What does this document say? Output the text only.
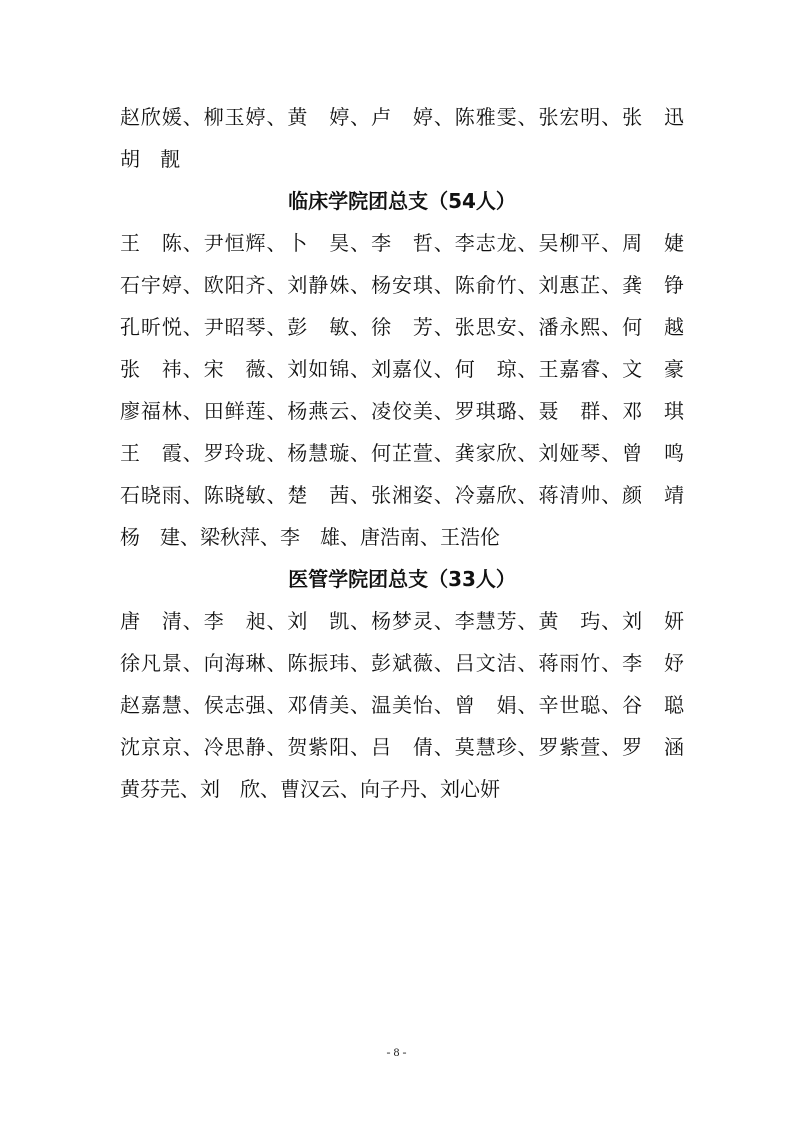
赵欣媛、柳玉婷、黄　婷、卢　婷、陈雅雯、张宏明、张　迅
胡　靓
临床学院团总支（54人）
王　陈、尹恒辉、卜　昊、李　哲、李志龙、吴柳平、周　婕
石宇婷、欧阳齐、刘静姝、杨安琪、陈俞竹、刘惠芷、龚　铮
孔昕悦、尹昭琴、彭　敏、徐　芳、张思安、潘永熙、何　越
张　祎、宋　薇、刘如锦、刘嘉仪、何　琼、王嘉睿、文　豪
廖福林、田鲜莲、杨燕云、凌佼美、罗琪璐、聂　群、邓　琪
王　霞、罗玲珑、杨慧璇、何芷萱、龚家欣、刘娅琴、曾　鸣
石晓雨、陈晓敏、楚　茜、张湘姿、冷嘉欣、蒋清帅、颜　靖
杨　建、梁秋萍、李　雄、唐浩南、王浩伦
医管学院团总支（33人）
唐　清、李　昶、刘　凯、杨梦灵、李慧芳、黄　玙、刘　妍
徐凡景、向海琳、陈振玮、彭斌薇、吕文洁、蒋雨竹、李　妤
赵嘉慧、侯志强、邓倩美、温美怡、曾　娟、辛世聪、谷　聪
沈京京、冷思静、贺紫阳、吕　倩、莫慧珍、罗紫萱、罗　涵
黄芬芫、刘　欣、曹汉云、向子丹、刘心妍
- 8 -
